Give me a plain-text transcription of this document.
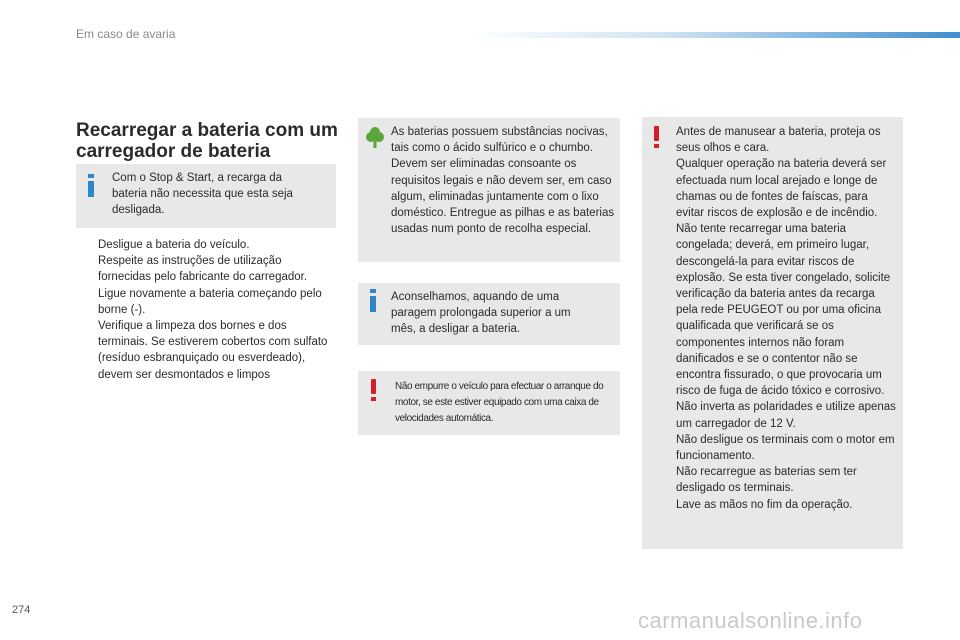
Em caso de avaria
Recarregar a bateria com um carregador de bateria
Com o Stop & Start, a recarga da bateria não necessita que esta seja desligada.
Desligue a bateria do veículo.
Respeite as instruções de utilização fornecidas pelo fabricante do carregador.
Ligue novamente a bateria começando pelo borne (-).
Verifique a limpeza dos bornes e dos terminais. Se estiverem cobertos com sulfato (resíduo esbranquiçado ou esverdeado), devem ser desmontados e limpos
As baterias possuem substâncias nocivas, tais como o ácido sulfúrico e o chumbo. Devem ser eliminadas consoante os requisitos legais e não devem ser, em caso algum, eliminadas juntamente com o lixo doméstico. Entregue as pilhas e as baterias usadas num ponto de recolha especial.
Aconselhamos, aquando de uma paragem prolongada superior a um mês, a desligar a bateria.
Não empurre o veículo para efectuar o arranque do motor, se este estiver equipado com uma caixa de velocidades automática.
Antes de manusear a bateria, proteja os seus olhos e cara.
Qualquer operação na bateria deverá ser efectuada num local arejado e longe de chamas ou de fontes de faíscas, para evitar riscos de explosão e de incêndio.
Não tente recarregar uma bateria congelada; deverá, em primeiro lugar, descongelá-la para evitar riscos de explosão. Se esta tiver congelado, solicite verificação da bateria antes da recarga pela rede PEUGEOT ou por uma oficina qualificada que verificará se os componentes internos não foram danificados e se o contentor não se encontra fissurado, o que provocaria um risco de fuga de ácido tóxico e corrosivo.
Não inverta as polaridades e utilize apenas um carregador de 12 V.
Não desligue os terminais com o motor em funcionamento.
Não recarregue as baterias sem ter desligado os terminais.
Lave as mãos no fim da operação.
274	carmanualsonline.info
